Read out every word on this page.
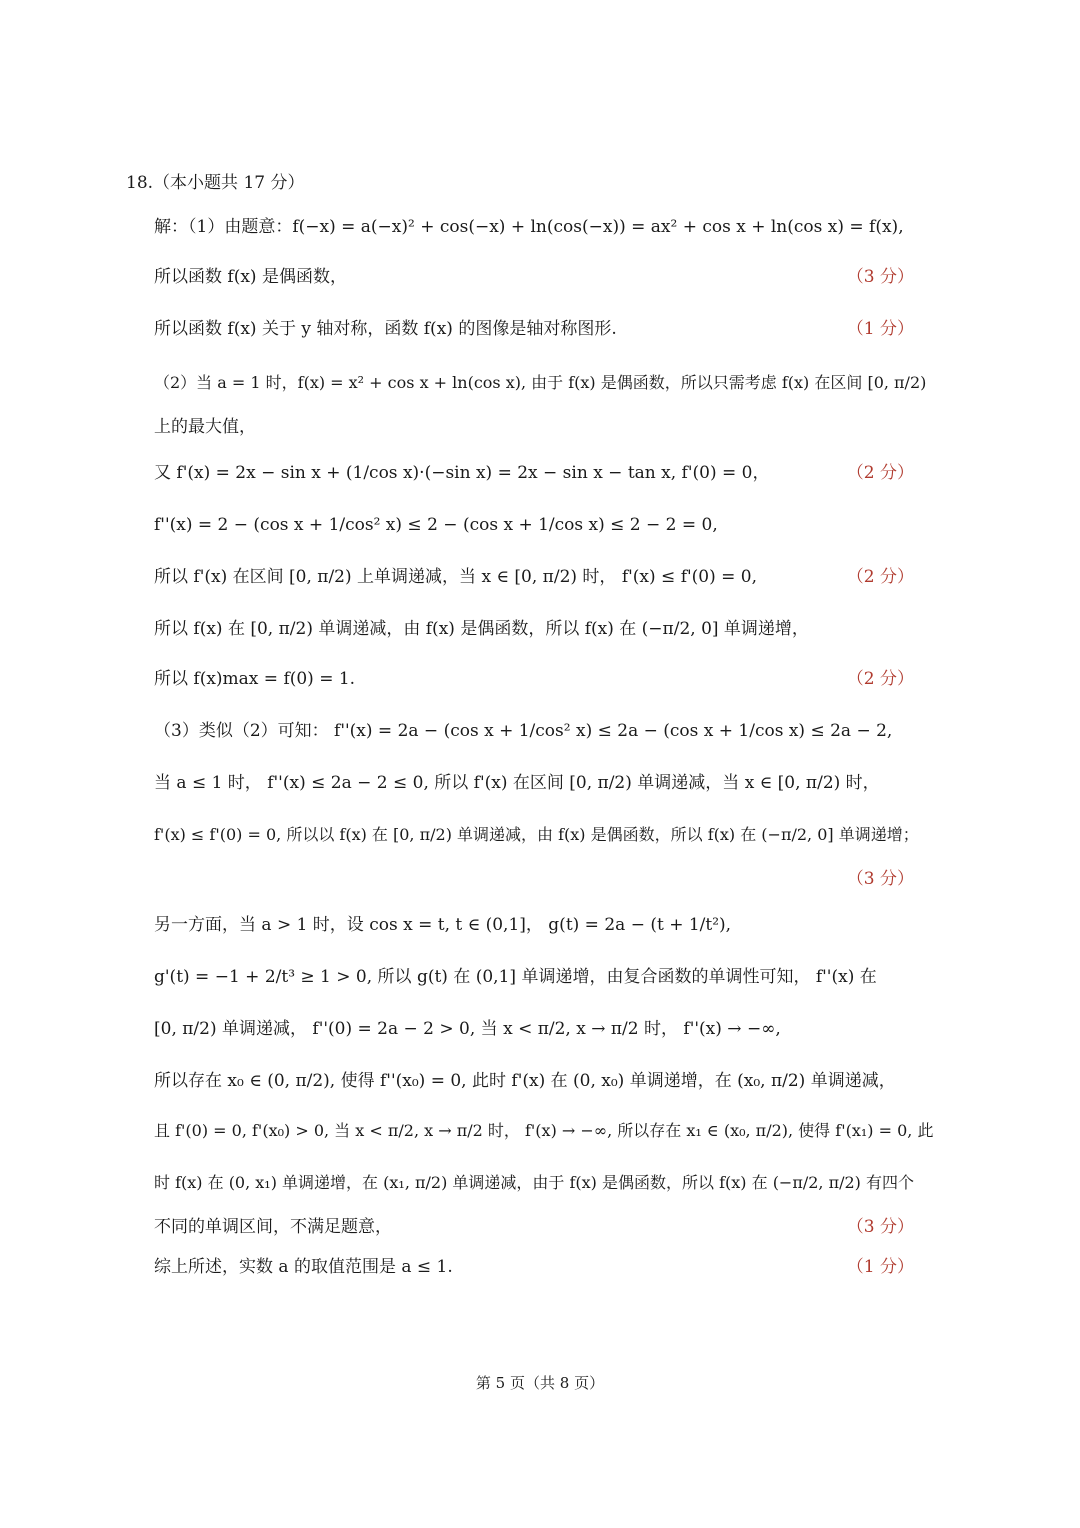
18.（本小题共 17 分）
解：（1）由题意：f(−x) = a(−x)² + cos(−x) + ln(cos(−x)) = ax² + cos x + ln(cos x) = f(x),
所以函数 f(x) 是偶函数，	（3 分）
所以函数 f(x) 关于 y 轴对称，函数 f(x) 的图像是轴对称图形.	（1 分）
（2）当 a = 1 时，f(x) = x² + cos x + ln(cos x), 由于 f(x) 是偶函数，所以只需考虑 f(x) 在区间 [0, π/2)
上的最大值，
又 f'(x) = 2x − sin x + (1/cos x)·(−sin x) = 2x − sin x − tan x, f'(0) = 0，	（2 分）
f''(x) = 2 − (cos x + 1/cos² x) ≤ 2 − (cos x + 1/cos x) ≤ 2 − 2 = 0,
所以 f'(x) 在区间 [0, π/2) 上单调递减，当 x ∈ [0, π/2) 时， f'(x) ≤ f'(0) = 0,	（2 分）
所以 f(x) 在 [0, π/2) 单调递减，由 f(x) 是偶函数，所以 f(x) 在 (−π/2, 0] 单调递增，
所以 f(x)max = f(0) = 1.	（2 分）
（3）类似（2）可知： f''(x) = 2a − (cos x + 1/cos² x) ≤ 2a − (cos x + 1/cos x) ≤ 2a − 2,
当 a ≤ 1 时， f''(x) ≤ 2a − 2 ≤ 0, 所以 f'(x) 在区间 [0, π/2) 单调递减，当 x ∈ [0, π/2) 时，
f'(x) ≤ f'(0) = 0, 所以以 f(x) 在 [0, π/2) 单调递减，由 f(x) 是偶函数，所以 f(x) 在 (−π/2, 0] 单调递增；
（3 分）
另一方面，当 a > 1 时，设 cos x = t, t ∈ (0,1]， g(t) = 2a − (t + 1/t²),
g'(t) = −1 + 2/t³ ≥ 1 > 0, 所以 g(t) 在 (0,1] 单调递增，由复合函数的单调性可知， f''(x) 在
[0, π/2) 单调递减， f''(0) = 2a − 2 > 0, 当 x < π/2, x → π/2 时， f''(x) → −∞,
所以存在 x₀ ∈ (0, π/2), 使得 f''(x₀) = 0, 此时 f'(x) 在 (0, x₀) 单调递增，在 (x₀, π/2) 单调递减，
且 f'(0) = 0, f'(x₀) > 0, 当 x < π/2, x → π/2 时， f'(x) → −∞, 所以存在 x₁ ∈ (x₀, π/2), 使得 f'(x₁) = 0, 此
时 f(x) 在 (0, x₁) 单调递增，在 (x₁, π/2) 单调递减，由于 f(x) 是偶函数，所以 f(x) 在 (−π/2, π/2) 有四个
不同的单调区间，不满足题意，	（3 分）
综上所述，实数 a 的取值范围是 a ≤ 1.	（1 分）
第 5 页（共 8 页）
